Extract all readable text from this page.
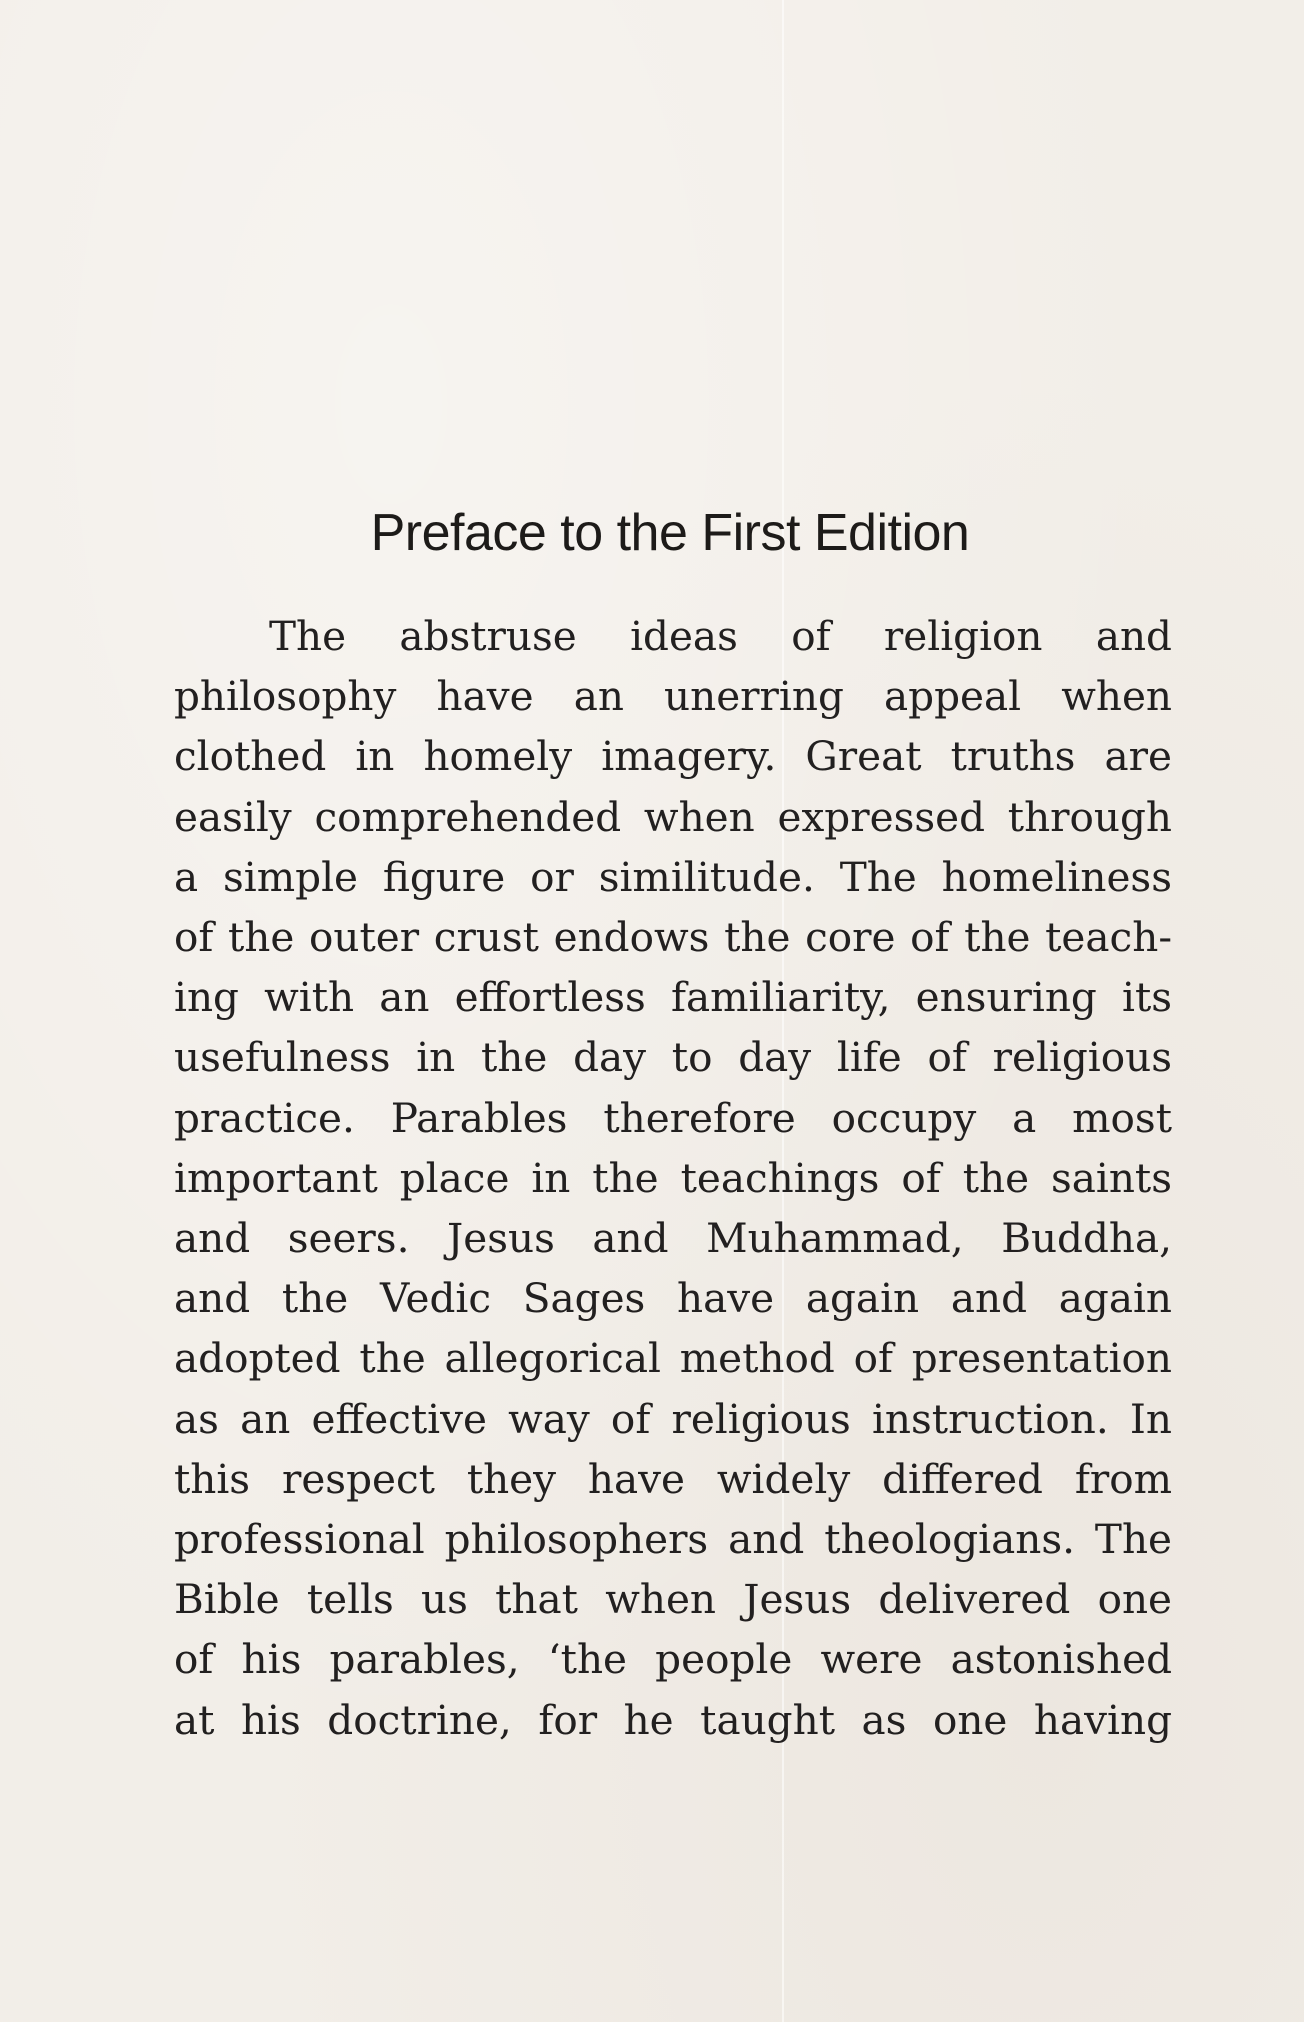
Preface to the First Edition
The abstruse ideas of religion and
philosophy have an unerring appeal when
clothed in homely imagery. Great truths are
easily comprehended when expressed through
a simple figure or similitude. The homeliness
of the outer crust endows the core of the teach-
ing with an effortless familiarity, ensuring its
usefulness in the day to day life of religious
practice. Parables therefore occupy a most
important place in the teachings of the saints
and seers. Jesus and Muhammad, Buddha,
and the Vedic Sages have again and again
adopted the allegorical method of presentation
as an effective way of religious instruction. In
this respect they have widely differed from
professional philosophers and theologians. The
Bible tells us that when Jesus delivered one
of his parables, ‘the people were astonished
at his doctrine, for he taught as one having
